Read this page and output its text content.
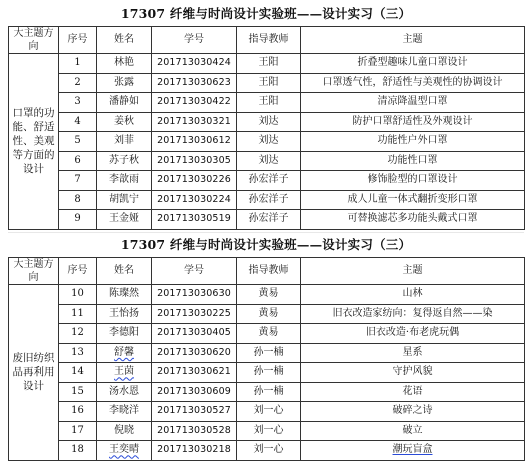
17307 纤维与时尚设计实验班——设计实习（三）
大主题方向	序号	姓名	学号	指导教师	主题
口罩的功能、舒适性、美观等方面的设计	1	林艳	201713030424	王阳	折叠型趣味儿童口罩设计
	2	张露	201713030623	王阳	口罩透气性，舒适性与美观性的协调设计
	3	潘静如	201713030422	王阳	清凉降温型口罩
	4	姜秋	201713030321	刘达	防护口罩舒适性及外观设计
	5	刘菲	201713030612	刘达	功能性户外口罩
	6	苏子秋	201713030305	刘达	功能性口罩
	7	李歆雨	201713030226	孙宏洋子	修饰脸型的口罩设计
	8	胡凯宁	201713030224	孙宏洋子	成人儿童一体式翻折变形口罩
	9	王金娅	201713030519	孙宏洋子	可替换滤芯多功能头戴式口罩
17307 纤维与时尚设计实验班——设计实习（三）
大主题方向	序号	姓名	学号	指导教师	主题
废旧纺织品再利用设计	10	陈璨然	201713030630	黄易	山林
	11	王怡扬	201713030225	黄易	旧衣改造家纺向：复得返自然——染
	12	李德阳	201713030405	黄易	旧衣改造·布老虎玩偶
	13	舒馨	201713030620	孙一楠	星系
	14	王茵	201713030621	孙一楠	守护风貌
	15	汤水恩	201713030609	孙一楠	花语
	16	李晓洋	201713030527	刘一心	破碎之诗
	17	倪晓	201713030528	刘一心	破立
	18	王奕晴	201713030218	刘一心	潮玩盲盒
